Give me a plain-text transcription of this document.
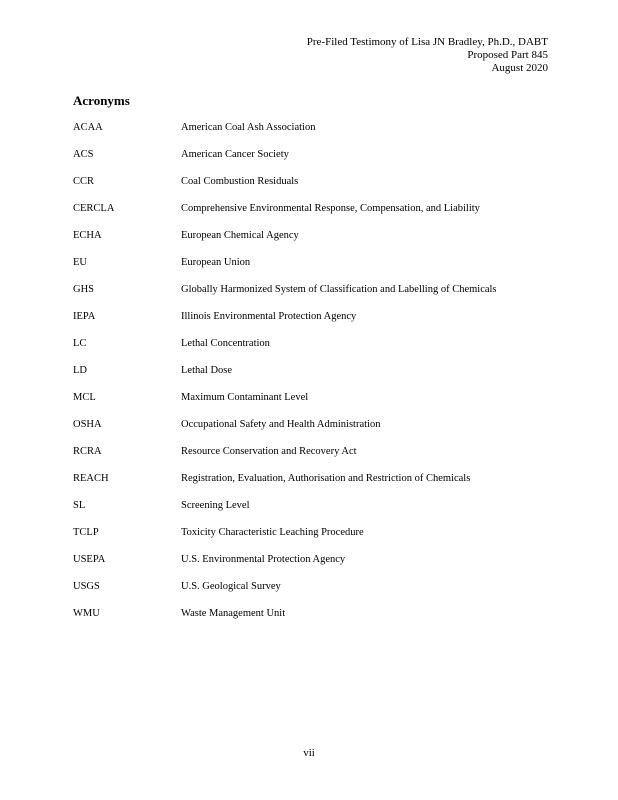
Pre-Filed Testimony of Lisa JN Bradley, Ph.D., DABT
Proposed Part 845
August 2020
Acronyms
ACAA	American Coal Ash Association
ACS	American Cancer Society
CCR	Coal Combustion Residuals
CERCLA	Comprehensive Environmental Response, Compensation, and Liability
ECHA	European Chemical Agency
EU	European Union
GHS	Globally Harmonized System of Classification and Labelling of Chemicals
IEPA	Illinois Environmental Protection Agency
LC	Lethal Concentration
LD	Lethal Dose
MCL	Maximum Contaminant Level
OSHA	Occupational Safety and Health Administration
RCRA	Resource Conservation and Recovery Act
REACH	Registration, Evaluation, Authorisation and Restriction of Chemicals
SL	Screening Level
TCLP	Toxicity Characteristic Leaching Procedure
USEPA	U.S. Environmental Protection Agency
USGS	U.S. Geological Survey
WMU	Waste Management Unit
vii
